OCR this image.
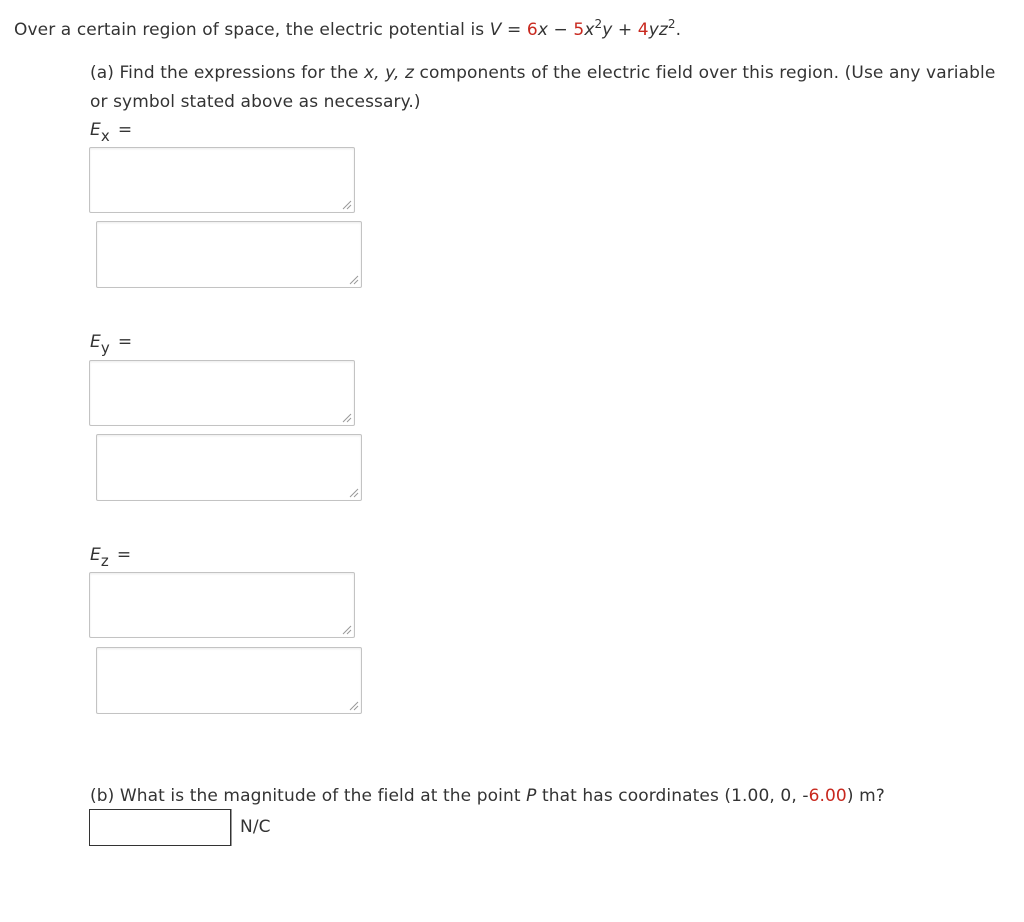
Over a certain region of space, the electric potential is $V = 6x - 5x^2y + 4yz^2$.
(a) Find the expressions for the x, y, z components of the electric field over this region. (Use any variable or symbol stated above as necessary.)
$E_x$ =
$E_y$ =
$E_z$ =
(b) What is the magnitude of the field at the point P that has coordinates (1.00, 0, -6.00) m?
N/C
